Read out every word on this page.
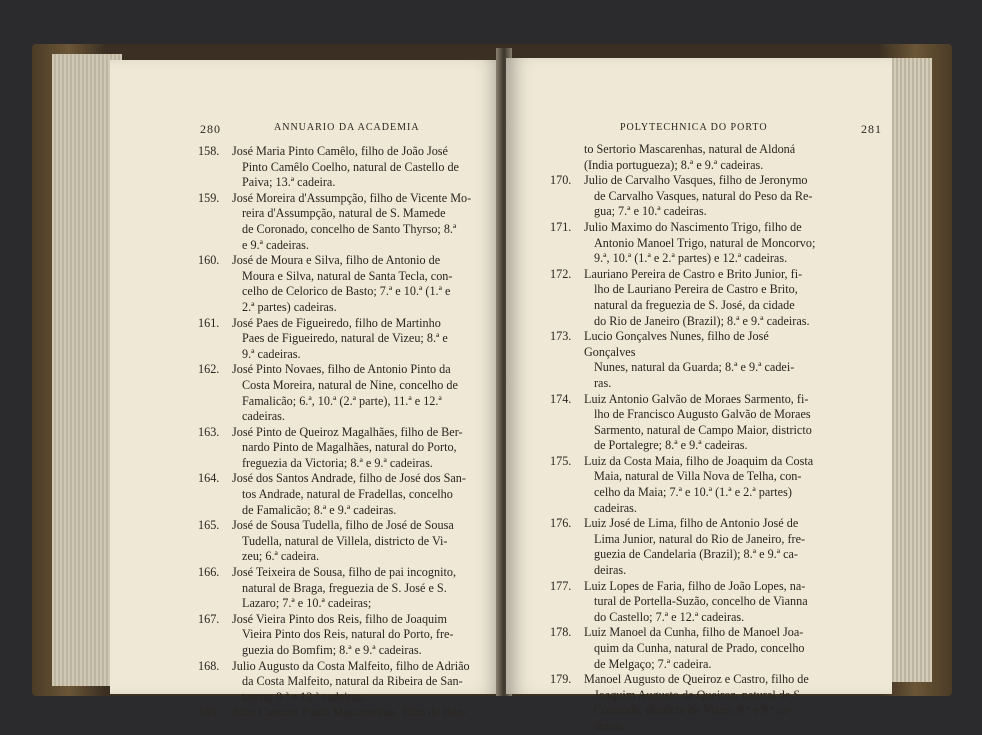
280	ANNUARIO DA ACADEMIA
158.	José Maria Pinto Camêlo, filho de João José
Pinto Camêlo Coelho, natural de Castello de
Paiva; 13.ª cadeira.
159.	José Moreira d'Assumpção, filho de Vicente Mo-
reira d'Assumpção, natural de S. Mamede
de Coronado, concelho de Santo Thyrso; 8.ª
e 9.ª cadeiras.
160.	José de Moura e Silva, filho de Antonio de
Moura e Silva, natural de Santa Tecla, con-
celho de Celorico de Basto; 7.ª e 10.ª (1.ª e
2.ª partes) cadeiras.
161.	José Paes de Figueiredo, filho de Martinho
Paes de Figueiredo, natural de Vizeu; 8.ª e
9.ª cadeiras.
162.	José Pinto Novaes, filho de Antonio Pinto da
Costa Moreira, natural de Nine, concelho de
Famalicão; 6.ª, 10.ª (2.ª parte), 11.ª e 12.ª
cadeiras.
163.	José Pinto de Queiroz Magalhães, filho de Ber-
nardo Pinto de Magalhães, natural do Porto,
freguezia da Victoria; 8.ª e 9.ª cadeiras.
164.	José dos Santos Andrade, filho de José dos San-
tos Andrade, natural de Fradellas, concelho
de Famalicão; 8.ª e 9.ª cadeiras.
165.	José de Sousa Tudella, filho de José de Sousa
Tudella, natural de Villela, districto de Vi-
zeu; 6.ª cadeira.
166.	José Teixeira de Sousa, filho de pai incognito,
natural de Braga, freguezia de S. José e S.
Lazaro; 7.ª e 10.ª cadeiras;
167.	José Vieira Pinto dos Reis, filho de Joaquim
Vieira Pinto dos Reis, natural do Porto, fre-
guezia do Bomfim; 8.ª e 9.ª cadeiras.
168.	Julio Augusto da Costa Malfeito, filho de Adrião
da Costa Malfeito, natural da Ribeira de San-
tarem; 9.ª e 12.ª cadeiras.
169.	Julio Caetano Paulo Mascarenhas, filho de Ben-
POLYTECHNICA DO PORTO	281
to Sertorio Mascarenhas, natural de Aldoná
(India portugueza); 8.ª e 9.ª cadeiras.
170.	Julio de Carvalho Vasques, filho de Jeronymo
de Carvalho Vasques, natural do Peso da Re-
gua; 7.ª e 10.ª cadeiras.
171.	Julio Maximo do Nascimento Trigo, filho de
Antonio Manoel Trigo, natural de Moncorvo;
9.ª, 10.ª (1.ª e 2.ª partes) e 12.ª cadeiras.
172.	Lauriano Pereira de Castro e Brito Junior, fi-
lho de Lauriano Pereira de Castro e Brito,
natural da freguezia de S. José, da cidade
do Rio de Janeiro (Brazil); 8.ª e 9.ª cadeiras.
173.	Lucio Gonçalves Nunes, filho de José Gonçalves
Nunes, natural da Guarda; 8.ª e 9.ª cadei-
ras.
174.	Luiz Antonio Galvão de Moraes Sarmento, fi-
lho de Francisco Augusto Galvão de Moraes
Sarmento, natural de Campo Maior, districto
de Portalegre; 8.ª e 9.ª cadeiras.
175.	Luiz da Costa Maia, filho de Joaquim da Costa
Maia, natural de Villa Nova de Telha, con-
celho da Maia; 7.ª e 10.ª (1.ª e 2.ª partes)
cadeiras.
176.	Luiz José de Lima, filho de Antonio José de
Lima Junior, natural do Rio de Janeiro, fre-
guezia de Candelaria (Brazil); 8.ª e 9.ª ca-
deiras.
177.	Luiz Lopes de Faria, filho de João Lopes, na-
tural de Portella-Suzão, concelho de Vianna
do Castello; 7.ª e 12.ª cadeiras.
178.	Luiz Manoel da Cunha, filho de Manoel Joa-
quim da Cunha, natural de Prado, concelho
de Melgaço; 7.ª cadeira.
179.	Manoel Augusto de Queiroz e Castro, filho de
Joaquim Augusto de Queiroz, natural de S.
Cosmade, districto de Vizeu; 8.ª e 9.ª ca-
deiras.
